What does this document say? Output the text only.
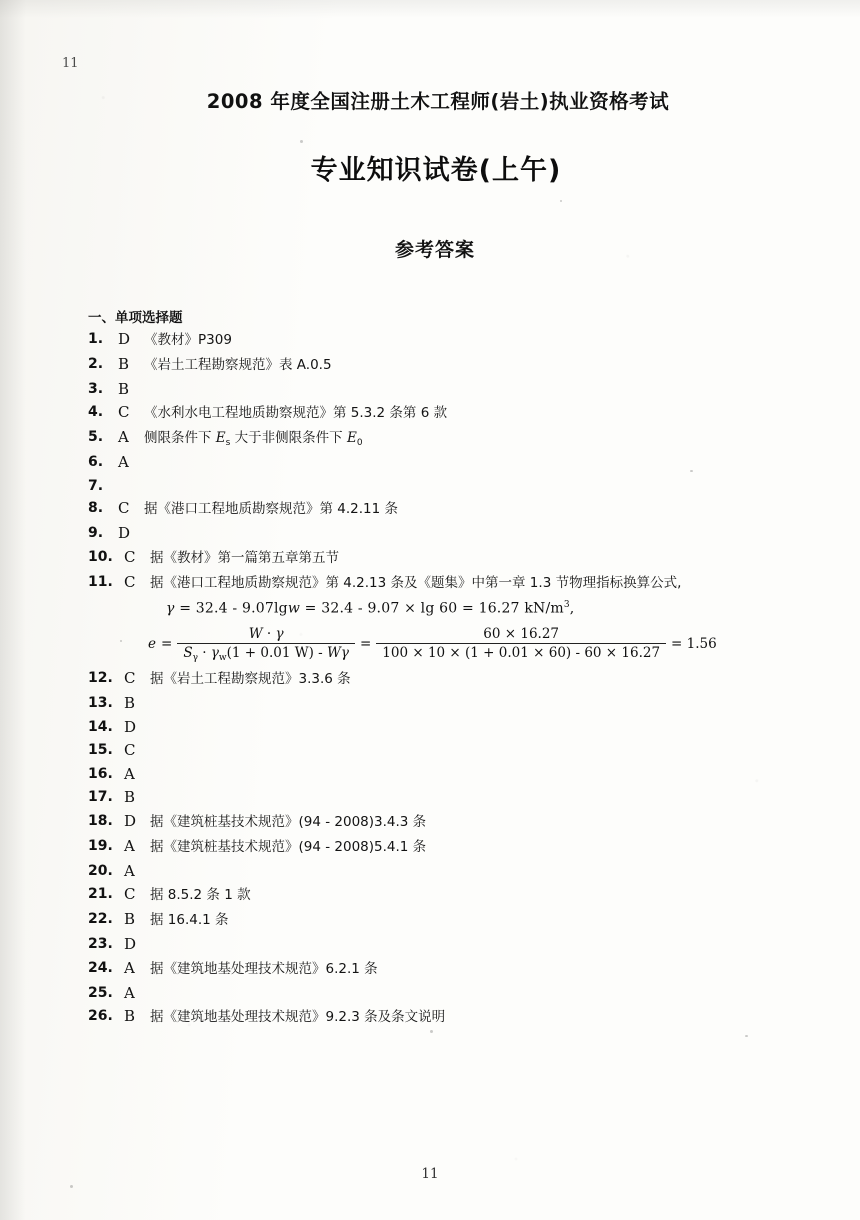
11
2008 年度全国注册土木工程师(岩土)执业资格考试
专业知识试卷(上午)
参考答案
一、单项选择题
1. D	《教材》P309
2. B	《岩土工程勘察规范》表 A.0.5
3. B
4. C	《水利水电工程地质勘察规范》第 5.3.2 条第 6 款
5. A	侧限条件下 $E_s$ 大于非侧限条件下 $E_0$
6. A
7.
8. C	据《港口工程地质勘察规范》第 4.2.11 条
9. D
10. C	据《教材》第一篇第五章第五节
11. C	据《港口工程地质勘察规范》第 4.2.13 条及《题集》中第一章 1.3 节物理指标换算公式,
γ = 32.4 - 9.07lgw = 32.4 - 9.07 × lg 60 = 16.27 $kN/m^3$,
$e = \frac{W \cdot \gamma}{S_\gamma \cdot \gamma_w(1 + 0.01 W) - W\gamma} = \frac{60 \times 16.27}{100 \times 10 \times (1 + 0.01 \times 60) - 60 \times 16.27} = 1.56$
12. C	据《岩土工程勘察规范》3.3.6 条
13. B
14. D
15. C
16. A
17. B
18. D	据《建筑桩基技术规范》(94 - 2008)3.4.3 条
19. A	据《建筑桩基技术规范》(94 - 2008)5.4.1 条
20. A
21. C	据 8.5.2 条 1 款
22. B	据 16.4.1 条
23. D
24. A	据《建筑地基处理技术规范》6.2.1 条
25. A
26. B	据《建筑地基处理技术规范》9.2.3 条及条文说明
11
